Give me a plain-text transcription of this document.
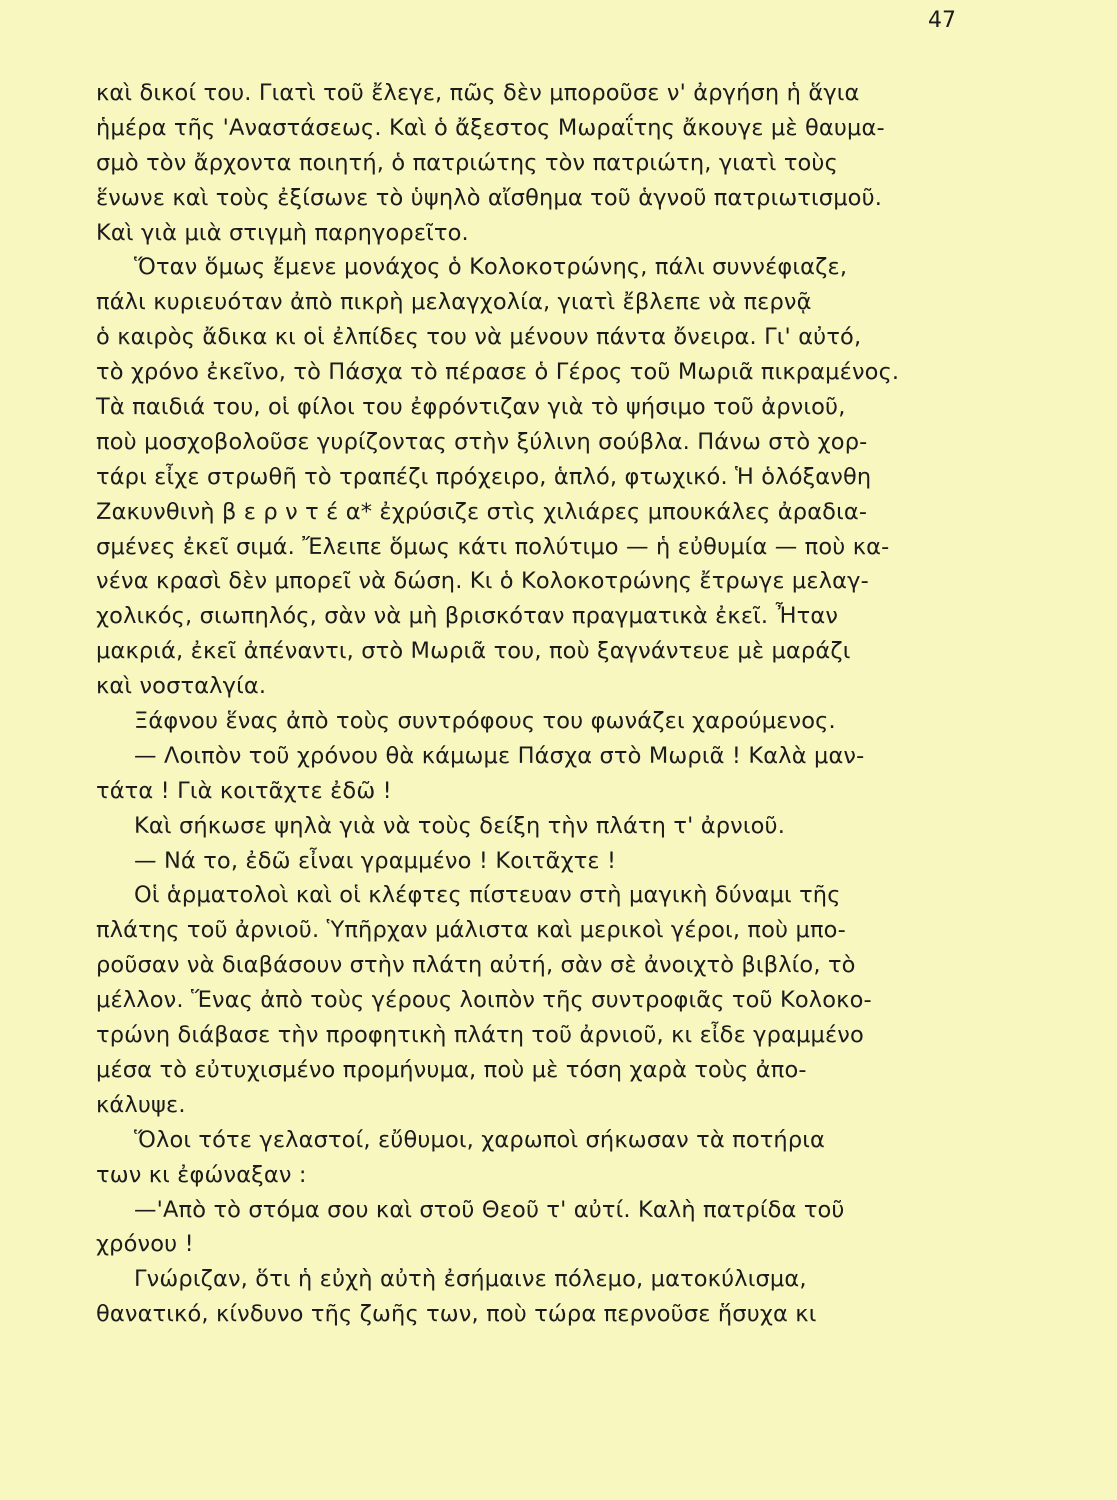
47
καὶ δικοί του. Γιατὶ τοῦ ἔλεγε, πῶς δὲν μποροῦσε ν' ἀργήση ἡ ἅγια
ἡμέρα τῆς 'Αναστάσεως. Καὶ ὁ ἄξεστος Μωραΐτης ἄκουγε μὲ θαυμα-
σμὸ τὸν ἄρχοντα ποιητή, ὁ πατριώτης τὸν πατριώτη, γιατὶ τοὺς
ἕνωνε καὶ τοὺς ἐξίσωνε τὸ ὑψηλὸ αἴσθημα τοῦ ἁγνοῦ πατριωτισμοῦ.
Καὶ γιὰ μιὰ στιγμὴ παρηγορεῖτο.
Ὅταν ὅμως ἔμενε μονάχος ὁ Κολοκοτρώνης, πάλι συννέφιαζε,
πάλι κυριευόταν ἀπὸ πικρὴ μελαγχολία, γιατὶ ἔβλεπε νὰ περνᾷ
ὁ καιρὸς ἄδικα κι οἱ ἐλπίδες του νὰ μένουν πάντα ὄνειρα. Γι' αὐτό,
τὸ χρόνο ἐκεῖνο, τὸ Πάσχα τὸ πέρασε ὁ Γέρος τοῦ Μωριᾶ πικραμένος.
Τὰ παιδιά του, οἱ φίλοι του ἐφρόντιζαν γιὰ τὸ ψήσιμο τοῦ ἀρνιοῦ,
ποὺ μοσχοβολοῦσε γυρίζοντας στὴν ξύλινη σούβλα. Πάνω στὸ χορ-
τάρι εἶχε στρωθῆ τὸ τραπέζι πρόχειρο, ἁπλό, φτωχικό. Ἡ ὁλόξανθη
Ζακυνθινὴ β ε ρ ν τ έ α* ἐχρύσιζε στὶς χιλιάρες μπουκάλες ἀραδια-
σμένες ἐκεῖ σιμά. Ἔλειπε ὅμως κάτι πολύτιμο — ἡ εὐθυμία — ποὺ κα-
νένα κρασὶ δὲν μπορεῖ νὰ δώση. Κι ὁ Κολοκοτρώνης ἔτρωγε μελαγ-
χολικός, σιωπηλός, σὰν νὰ μὴ βρισκόταν πραγματικὰ ἐκεῖ. Ἦταν
μακριά, ἐκεῖ ἀπέναντι, στὸ Μωριᾶ του, ποὺ ξαγνάντευε μὲ μαράζι
καὶ νοσταλγία.
Ξάφνου ἕνας ἀπὸ τοὺς συντρόφους του φωνάζει χαρούμενος.
— Λοιπὸν τοῦ χρόνου θὰ κάμωμε Πάσχα στὸ Μωριᾶ ! Καλὰ μαν-
τάτα ! Γιὰ κοιτᾶχτε ἐδῶ !
Καὶ σήκωσε ψηλὰ γιὰ νὰ τοὺς δείξη τὴν πλάτη τ' ἀρνιοῦ.
— Νά το, ἐδῶ εἶναι γραμμένο ! Κοιτᾶχτε !
Οἱ ἁρματολοὶ καὶ οἱ κλέφτες πίστευαν στὴ μαγικὴ δύναμι τῆς
πλάτης τοῦ ἀρνιοῦ. Ὑπῆρχαν μάλιστα καὶ μερικοὶ γέροι, ποὺ μπο-
ροῦσαν νὰ διαβάσουν στὴν πλάτη αὐτή, σὰν σὲ ἀνοιχτὸ βιβλίο, τὸ
μέλλον. Ἕνας ἀπὸ τοὺς γέρους λοιπὸν τῆς συντροφιᾶς τοῦ Κολοκο-
τρώνη διάβασε τὴν προφητικὴ πλάτη τοῦ ἀρνιοῦ, κι εἶδε γραμμένο
μέσα τὸ εὐτυχισμένο προμήνυμα, ποὺ μὲ τόση χαρὰ τοὺς ἀπο-
κάλυψε.
Ὅλοι τότε γελαστοί, εὔθυμοι, χαρωποὶ σήκωσαν τὰ ποτήρια
των κι ἐφώναξαν :
—'Απὸ τὸ στόμα σου καὶ στοῦ Θεοῦ τ' αὐτί. Καλὴ πατρίδα τοῦ
χρόνου !
Γνώριζαν, ὅτι ἡ εὐχὴ αὐτὴ ἐσήμαινε πόλεμο, ματοκύλισμα,
θανατικό, κίνδυνο τῆς ζωῆς των, ποὺ τώρα περνοῦσε ἥσυχα κι
